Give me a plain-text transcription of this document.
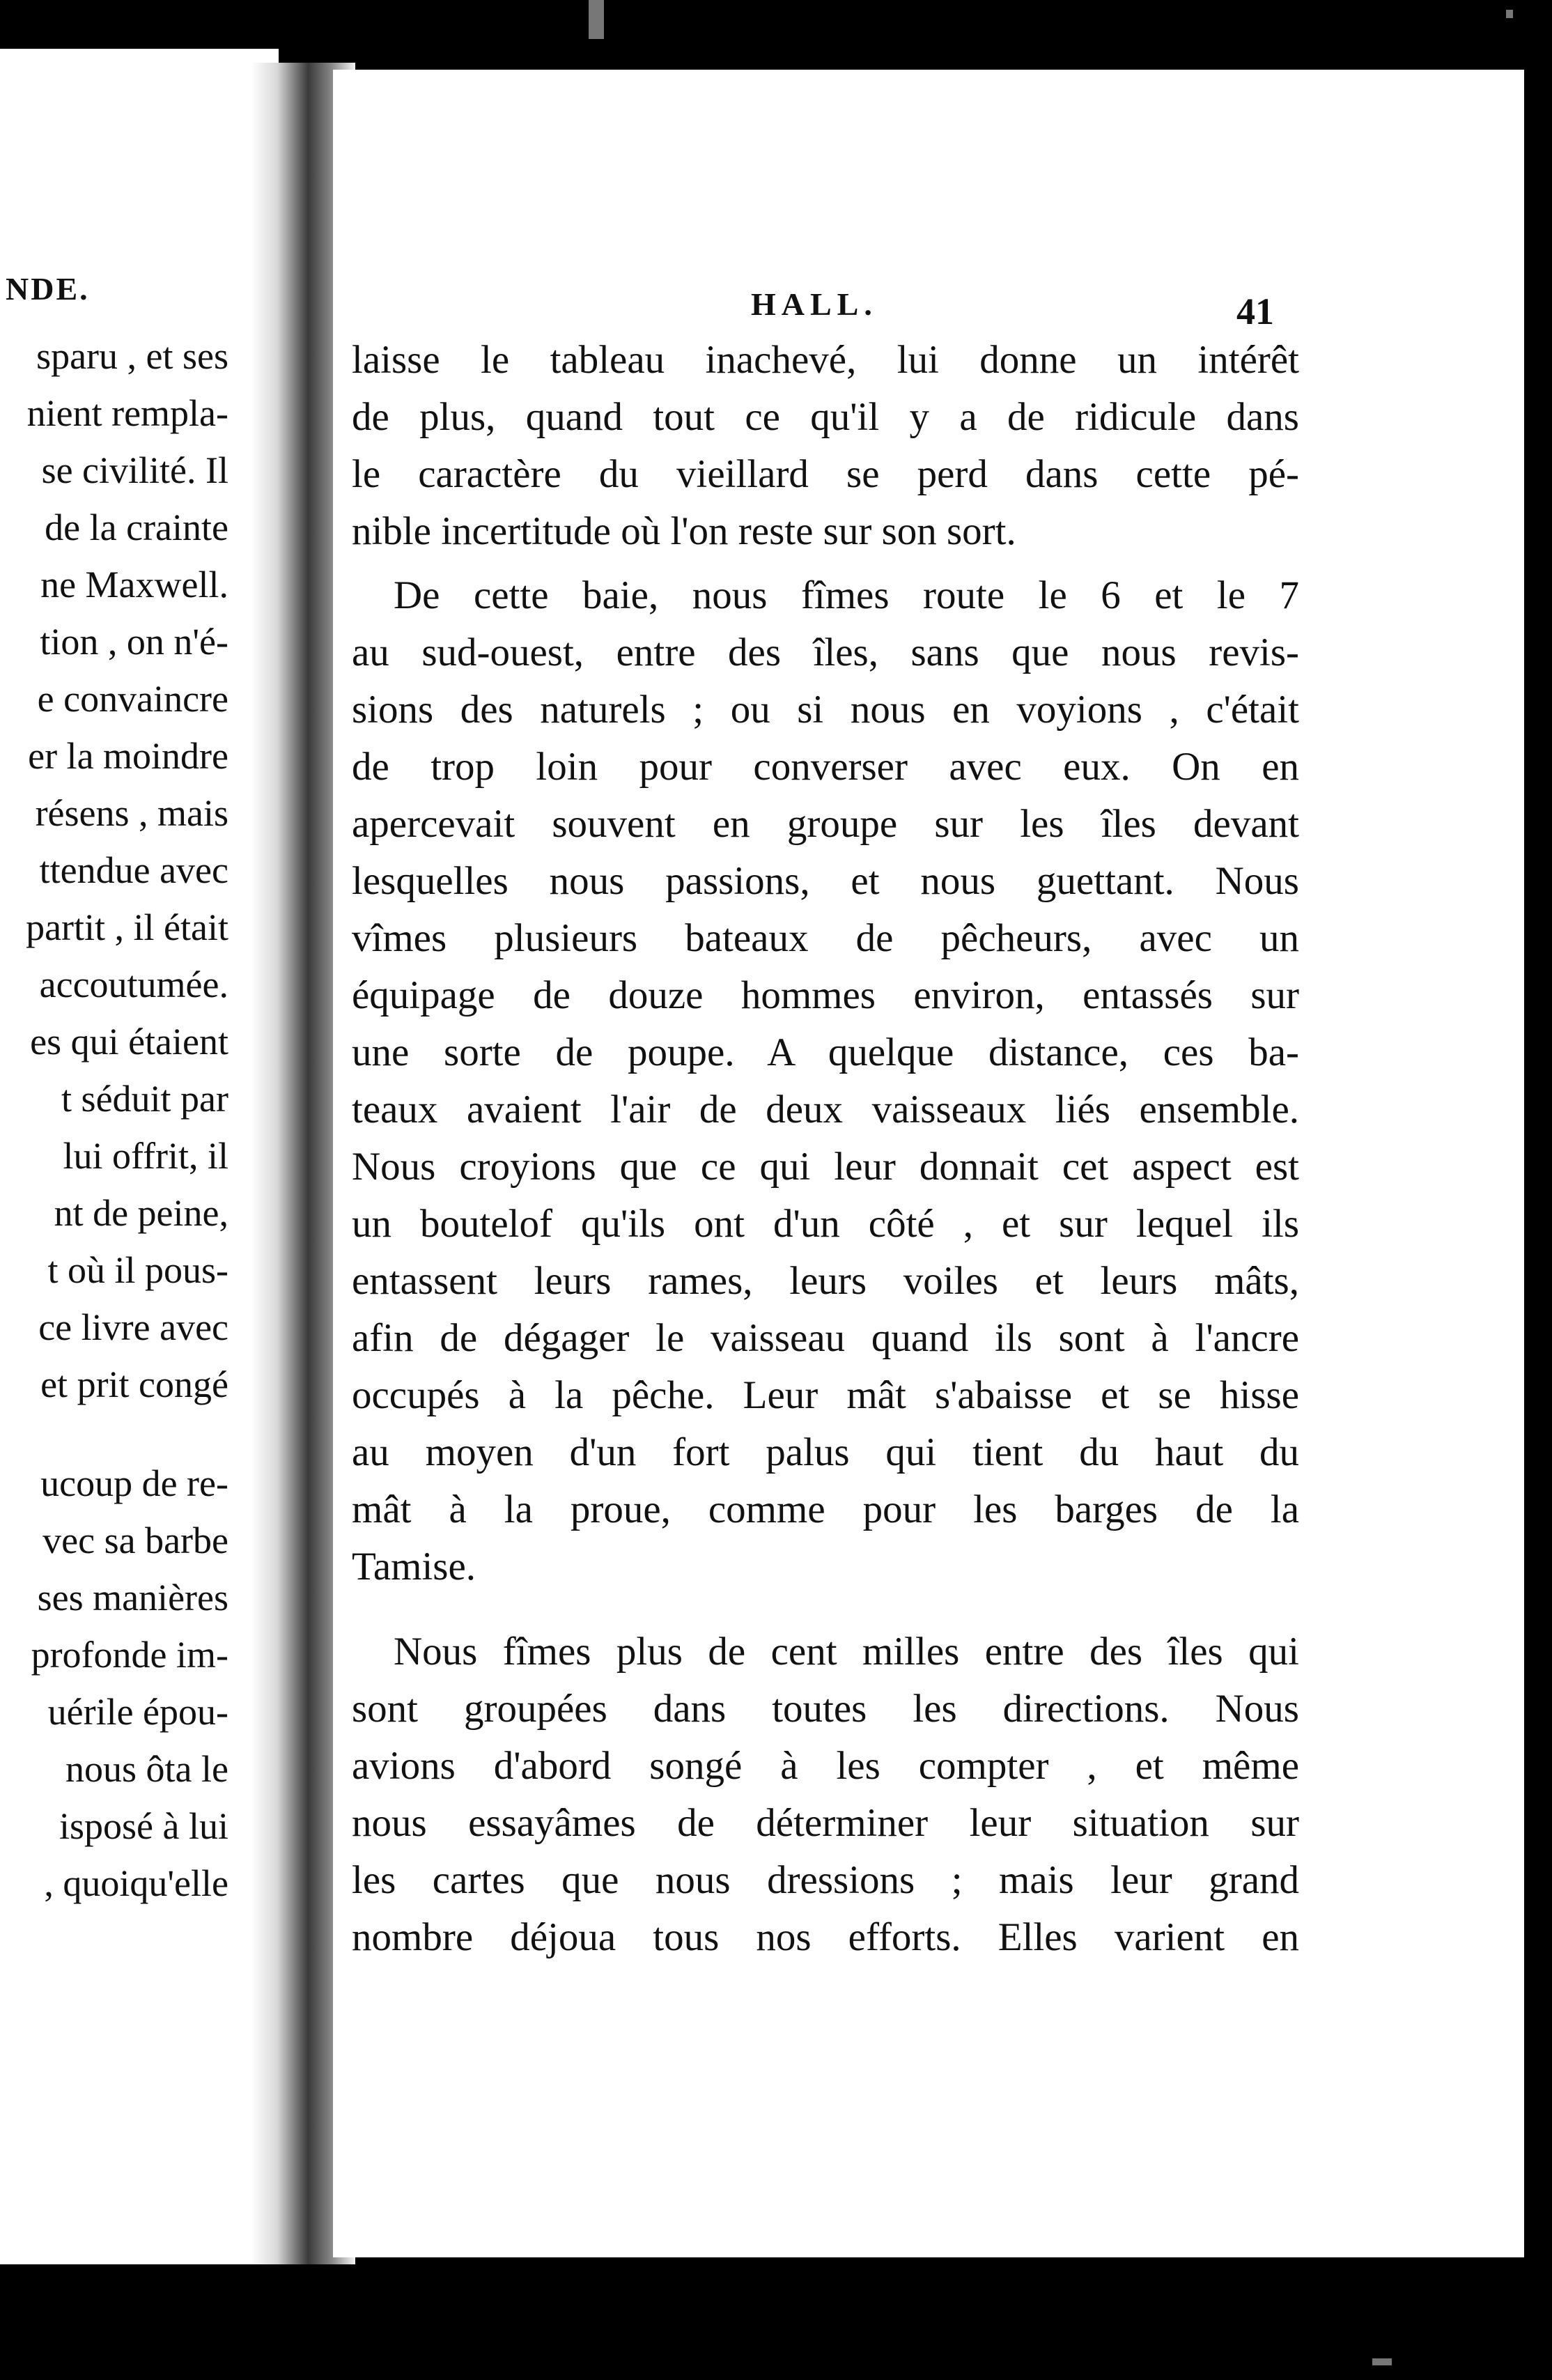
NDE.
sparu , et ses
nient rempla-
se civilité. Il
de la crainte
ne Maxwell.
tion , on n'é-
e convaincre
er la moindre
résens , mais
ttendue avec
partit , il était
accoutumée.
es qui étaient
t séduit par
lui offrit, il
nt de peine,
t où il pous-
ce livre avec
et prit congé
ucoup de re-
vec sa barbe
ses manières
profonde im-
uérile épou-
nous ôta le
isposé à lui
, quoiqu'elle
HALL.	41
laisse le tableau inachevé, lui donne un intérêt
de plus, quand tout ce qu'il y a de ridicule dans
le caractère du vieillard se perd dans cette pé-
nible incertitude où l'on reste sur son sort.
De cette baie, nous fîmes route le 6 et le 7
au sud-ouest, entre des îles, sans que nous revis-
sions des naturels ; ou si nous en voyions , c'était
de trop loin pour converser avec eux. On en
apercevait souvent en groupe sur les îles devant
lesquelles nous passions, et nous guettant. Nous
vîmes plusieurs bateaux de pêcheurs, avec un
équipage de douze hommes environ, entassés sur
une sorte de poupe. A quelque distance, ces ba-
teaux avaient l'air de deux vaisseaux liés ensemble.
Nous croyions que ce qui leur donnait cet aspect est
un boutelof qu'ils ont d'un côté , et sur lequel ils
entassent leurs rames, leurs voiles et leurs mâts,
afin de dégager le vaisseau quand ils sont à l'ancre
occupés à la pêche. Leur mât s'abaisse et se hisse
au moyen d'un fort palus qui tient du haut du
mât à la proue, comme pour les barges de la
Tamise.
Nous fîmes plus de cent milles entre des îles qui
sont groupées dans toutes les directions. Nous
avions d'abord songé à les compter , et même
nous essayâmes de déterminer leur situation sur
les cartes que nous dressions ; mais leur grand
nombre déjoua tous nos efforts. Elles varient en
